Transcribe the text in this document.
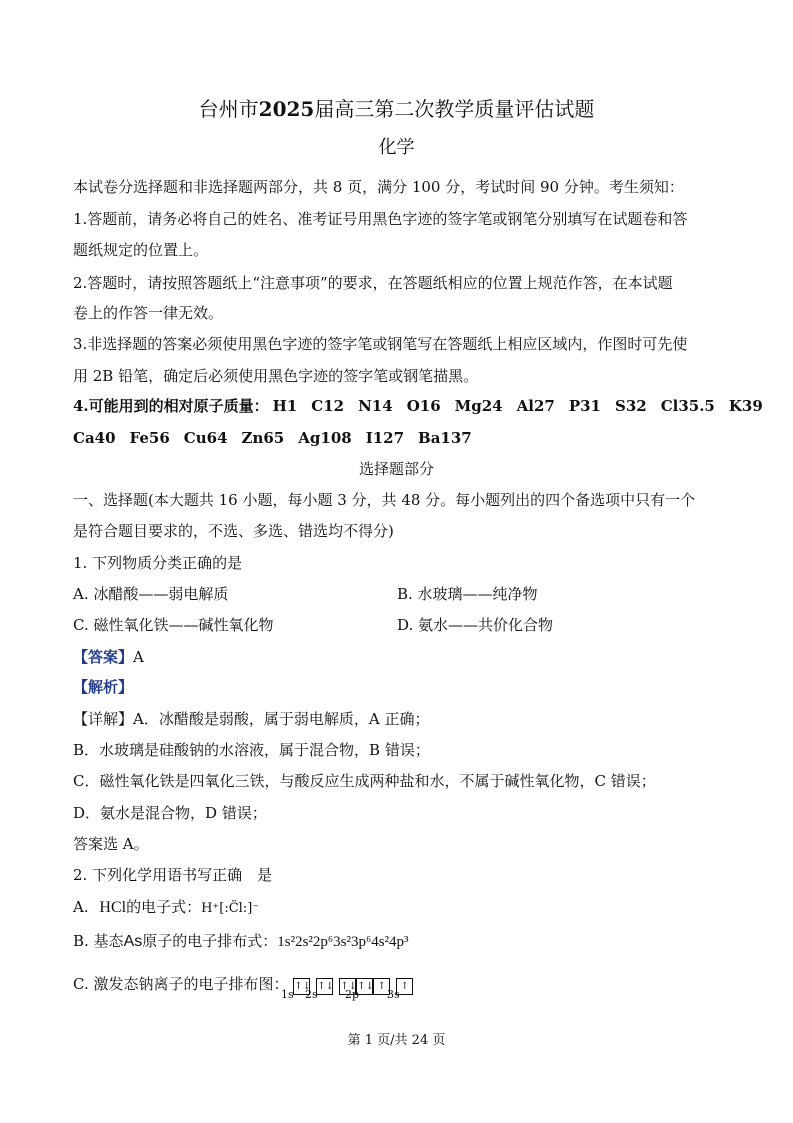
台州市2025届高三第二次教学质量评估试题
化学
本试卷分选择题和非选择题两部分，共 8 页，满分 100 分，考试时间 90 分钟。考生须知：
1.答题前，请务必将自己的姓名、准考证号用黑色字迹的签字笔或钢笔分别填写在试题卷和答
题纸规定的位置上。
2.答题时，请按照答题纸上“注意事项”的要求，在答题纸相应的位置上规范作答，在本试题
卷上的作答一律无效。
3.非选择题的答案必须使用黑色字迹的签字笔或钢笔写在答题纸上相应区域内，作图时可先使
用 2B 铅笔，确定后必须使用黑色字迹的签字笔或钢笔描黑。
4.可能用到的相对原子质量： H1 C12 N14 O16 Mg24 Al27 P31 S32 Cl35.5 K39
Ca40 Fe56 Cu64 Zn65 Ag108 I127 Ba137
选择题部分
一、选择题(本大题共 16 小题，每小题 3 分，共 48 分。每小题列出的四个备选项中只有一个
是符合题目要求的，不选、多选、错选均不得分)
1. 下列物质分类正确的是
A. 冰醋酸——弱电解质	B. 水玻璃——纯净物
C. 磁性氧化铁——碱性氧化物	D. 氨水——共价化合物
【答案】A
【解析】
【详解】A．冰醋酸是弱酸，属于弱电解质，A 正确；
B．水玻璃是硅酸钠的水溶液，属于混合物，B 错误；
C．磁性氧化铁是四氧化三铁，与酸反应生成两种盐和水，不属于碱性氧化物，C 错误；
D．氨水是混合物，D 错误；
答案选 A。
2. 下列化学用语书写正确　是
A. HCl的电子式：H⁺[:C̈l:]⁻
B. 基态As原子的电子排布式：1s²2s²2p⁶3s²3p⁶4s²4p³
C. 激发态钠离子的电子排布图： ↑↓ ↑↓ ↑↓↑↓ ↑ ↑
1s 2s 2p	3s
第 1 页/共 24 页
